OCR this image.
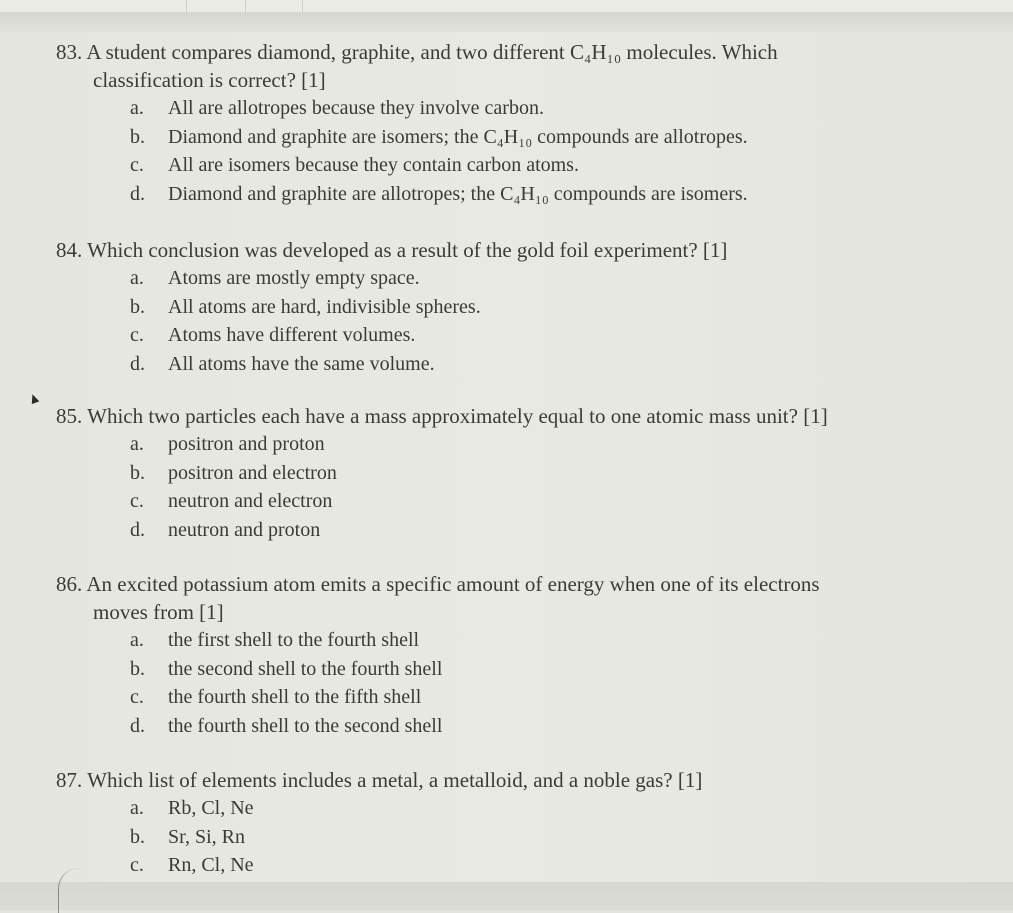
83. A student compares diamond, graphite, and two different C₄H₁₀ molecules. Which

classification is correct? [1]

a.	All are allotropes because they involve carbon.
b.	Diamond and graphite are isomers; the C₄H₁₀ compounds are allotropes.
c.	All are isomers because they contain carbon atoms.
d.	Diamond and graphite are allotropes; the C₄H₁₀ compounds are isomers.

84. Which conclusion was developed as a result of the gold foil experiment? [1]

a.	Atoms are mostly empty space.
b.	All atoms are hard, indivisible spheres.
c.	Atoms have different volumes.
d.	All atoms have the same volume.

85. Which two particles each have a mass approximately equal to one atomic mass unit? [1]

a.	positron and proton
b.	positron and electron
c.	neutron and electron
d.	neutron and proton

86. An excited potassium atom emits a specific amount of energy when one of its electrons

moves from [1]

a.	the first shell to the fourth shell
b.	the second shell to the fourth shell
c.	the fourth shell to the fifth shell
d.	the fourth shell to the second shell

87. Which list of elements includes a metal, a metalloid, and a noble gas? [1]

a.	Rb, Cl, Ne
b.	Sr, Si, Rn
c.	Rn, Cl, Ne
